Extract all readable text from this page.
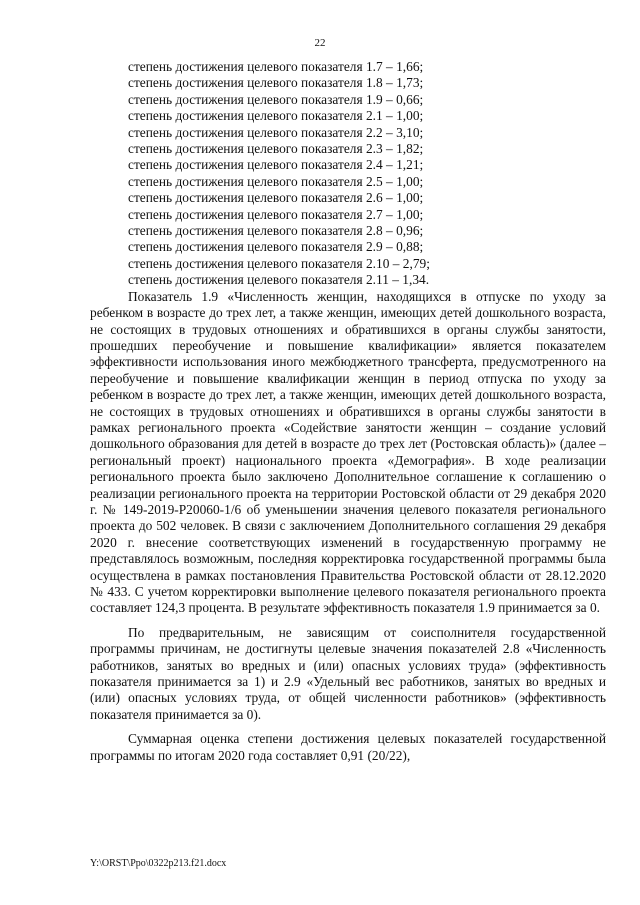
22
степень достижения целевого показателя 1.7 – 1,66;
степень достижения целевого показателя 1.8 – 1,73;
степень достижения целевого показателя 1.9 – 0,66;
степень достижения целевого показателя 2.1 – 1,00;
степень достижения целевого показателя 2.2 – 3,10;
степень достижения целевого показателя 2.3 – 1,82;
степень достижения целевого показателя 2.4 – 1,21;
степень достижения целевого показателя 2.5 – 1,00;
степень достижения целевого показателя 2.6 – 1,00;
степень достижения целевого показателя 2.7 – 1,00;
степень достижения целевого показателя 2.8 – 0,96;
степень достижения целевого показателя 2.9 – 0,88;
степень достижения целевого показателя 2.10 – 2,79;
степень достижения целевого показателя 2.11 – 1,34.

Показатель 1.9 «Численность женщин, находящихся в отпуске по уходу за ребенком в возрасте до трех лет, а также женщин, имеющих детей дошкольного возраста, не состоящих в трудовых отношениях и обратившихся в органы службы занятости, прошедших переобучение и повышение квалификации» является показателем эффективности использования иного межбюджетного трансферта, предусмотренного на переобучение и повышение квалификации женщин в период отпуска по уходу за ребенком в возрасте до трех лет, а также женщин, имеющих детей дошкольного возраста, не состоящих в трудовых отношениях и обратившихся в органы службы занятости в рамках регионального проекта «Содействие занятости женщин – создание условий дошкольного образования для детей в возрасте до трех лет (Ростовская область)» (далее – региональный проект) национального проекта «Демография». В ходе реализации регионального проекта было заключено Дополнительное соглашение к соглашению о реализации регионального проекта на территории Ростовской области от 29 декабря 2020 г. № 149-2019-P20060-1/6 об уменьшении значения целевого показателя регионального проекта до 502 человек. В связи с заключением Дополнительного соглашения 29 декабря 2020 г. внесение соответствующих изменений в государственную программу не представлялось возможным, последняя корректировка государственной программы была осуществлена в рамках постановления Правительства Ростовской области от 28.12.2020 № 433. С учетом корректировки выполнение целевого показателя регионального проекта составляет 124,3 процента. В результате эффективность показателя 1.9 принимается за 0.

По предварительным, не зависящим от соисполнителя государственной программы причинам, не достигнуты целевые значения показателей 2.8 «Численность работников, занятых во вредных и (или) опасных условиях труда» (эффективность показателя принимается за 1) и 2.9 «Удельный вес работников, занятых во вредных и (или) опасных условиях труда, от общей численности работников» (эффективность показателя принимается за 0).

Суммарная оценка степени достижения целевых показателей государственной программы по итогам 2020 года составляет 0,91 (20/22),

Y:\ORST\Ppo\0322p213.f21.docx
